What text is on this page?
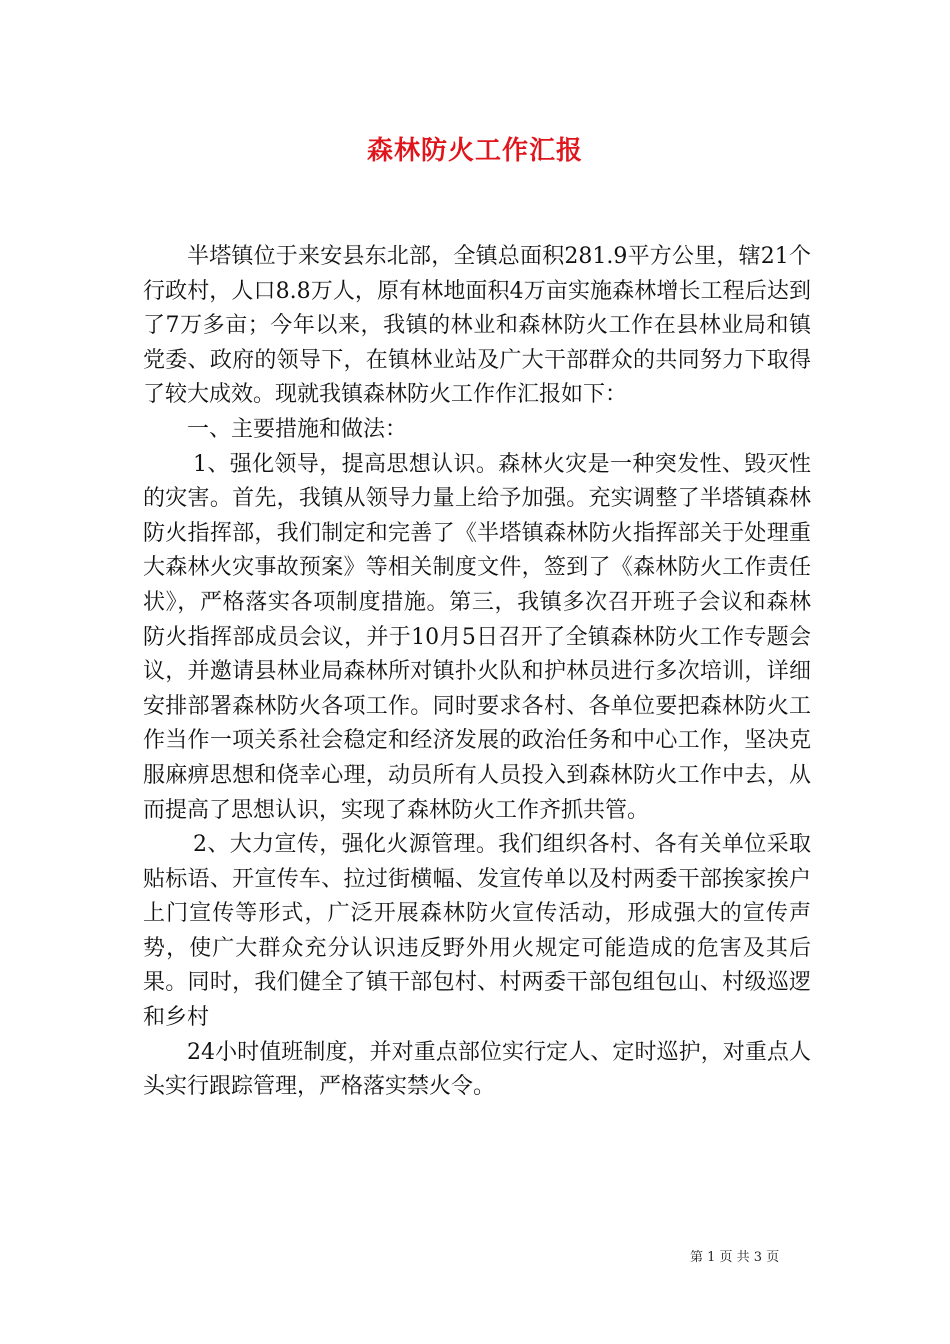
森林防火工作汇报

半塔镇位于来安县东北部，全镇总面积281.9平方公里，辖21个行政村，人口8.8万人，原有林地面积4万亩实施森林增长工程后达到了7万多亩；今年以来，我镇的林业和森林防火工作在县林业局和镇党委、政府的领导下，在镇林业站及广大干部群众的共同努力下取得了较大成效。现就我镇森林防火工作作汇报如下：

一、主要措施和做法：

1、强化领导，提高思想认识。森林火灾是一种突发性、毁灭性的灾害。首先，我镇从领导力量上给予加强。充实调整了半塔镇森林防火指挥部，我们制定和完善了《半塔镇森林防火指挥部关于处理重大森林火灾事故预案》等相关制度文件，签到了《森林防火工作责任状》，严格落实各项制度措施。第三，我镇多次召开班子会议和森林防火指挥部成员会议，并于10月5日召开了全镇森林防火工作专题会议，并邀请县林业局森林所对镇扑火队和护林员进行多次培训，详细安排部署森林防火各项工作。同时要求各村、各单位要把森林防火工作当作一项关系社会稳定和经济发展的政治任务和中心工作，坚决克服麻痹思想和侥幸心理，动员所有人员投入到森林防火工作中去，从而提高了思想认识，实现了森林防火工作齐抓共管。

2、大力宣传，强化火源管理。我们组织各村、各有关单位采取贴标语、开宣传车、拉过街横幅、发宣传单以及村两委干部挨家挨户上门宣传等形式，广泛开展森林防火宣传活动，形成强大的宣传声势，使广大群众充分认识违反野外用火规定可能造成的危害及其后果。同时，我们健全了镇干部包村、村两委干部包组包山、村级巡逻和乡村

24小时值班制度，并对重点部位实行定人、定时巡护，对重点人头实行跟踪管理，严格落实禁火令。

第 1 页 共 3 页
